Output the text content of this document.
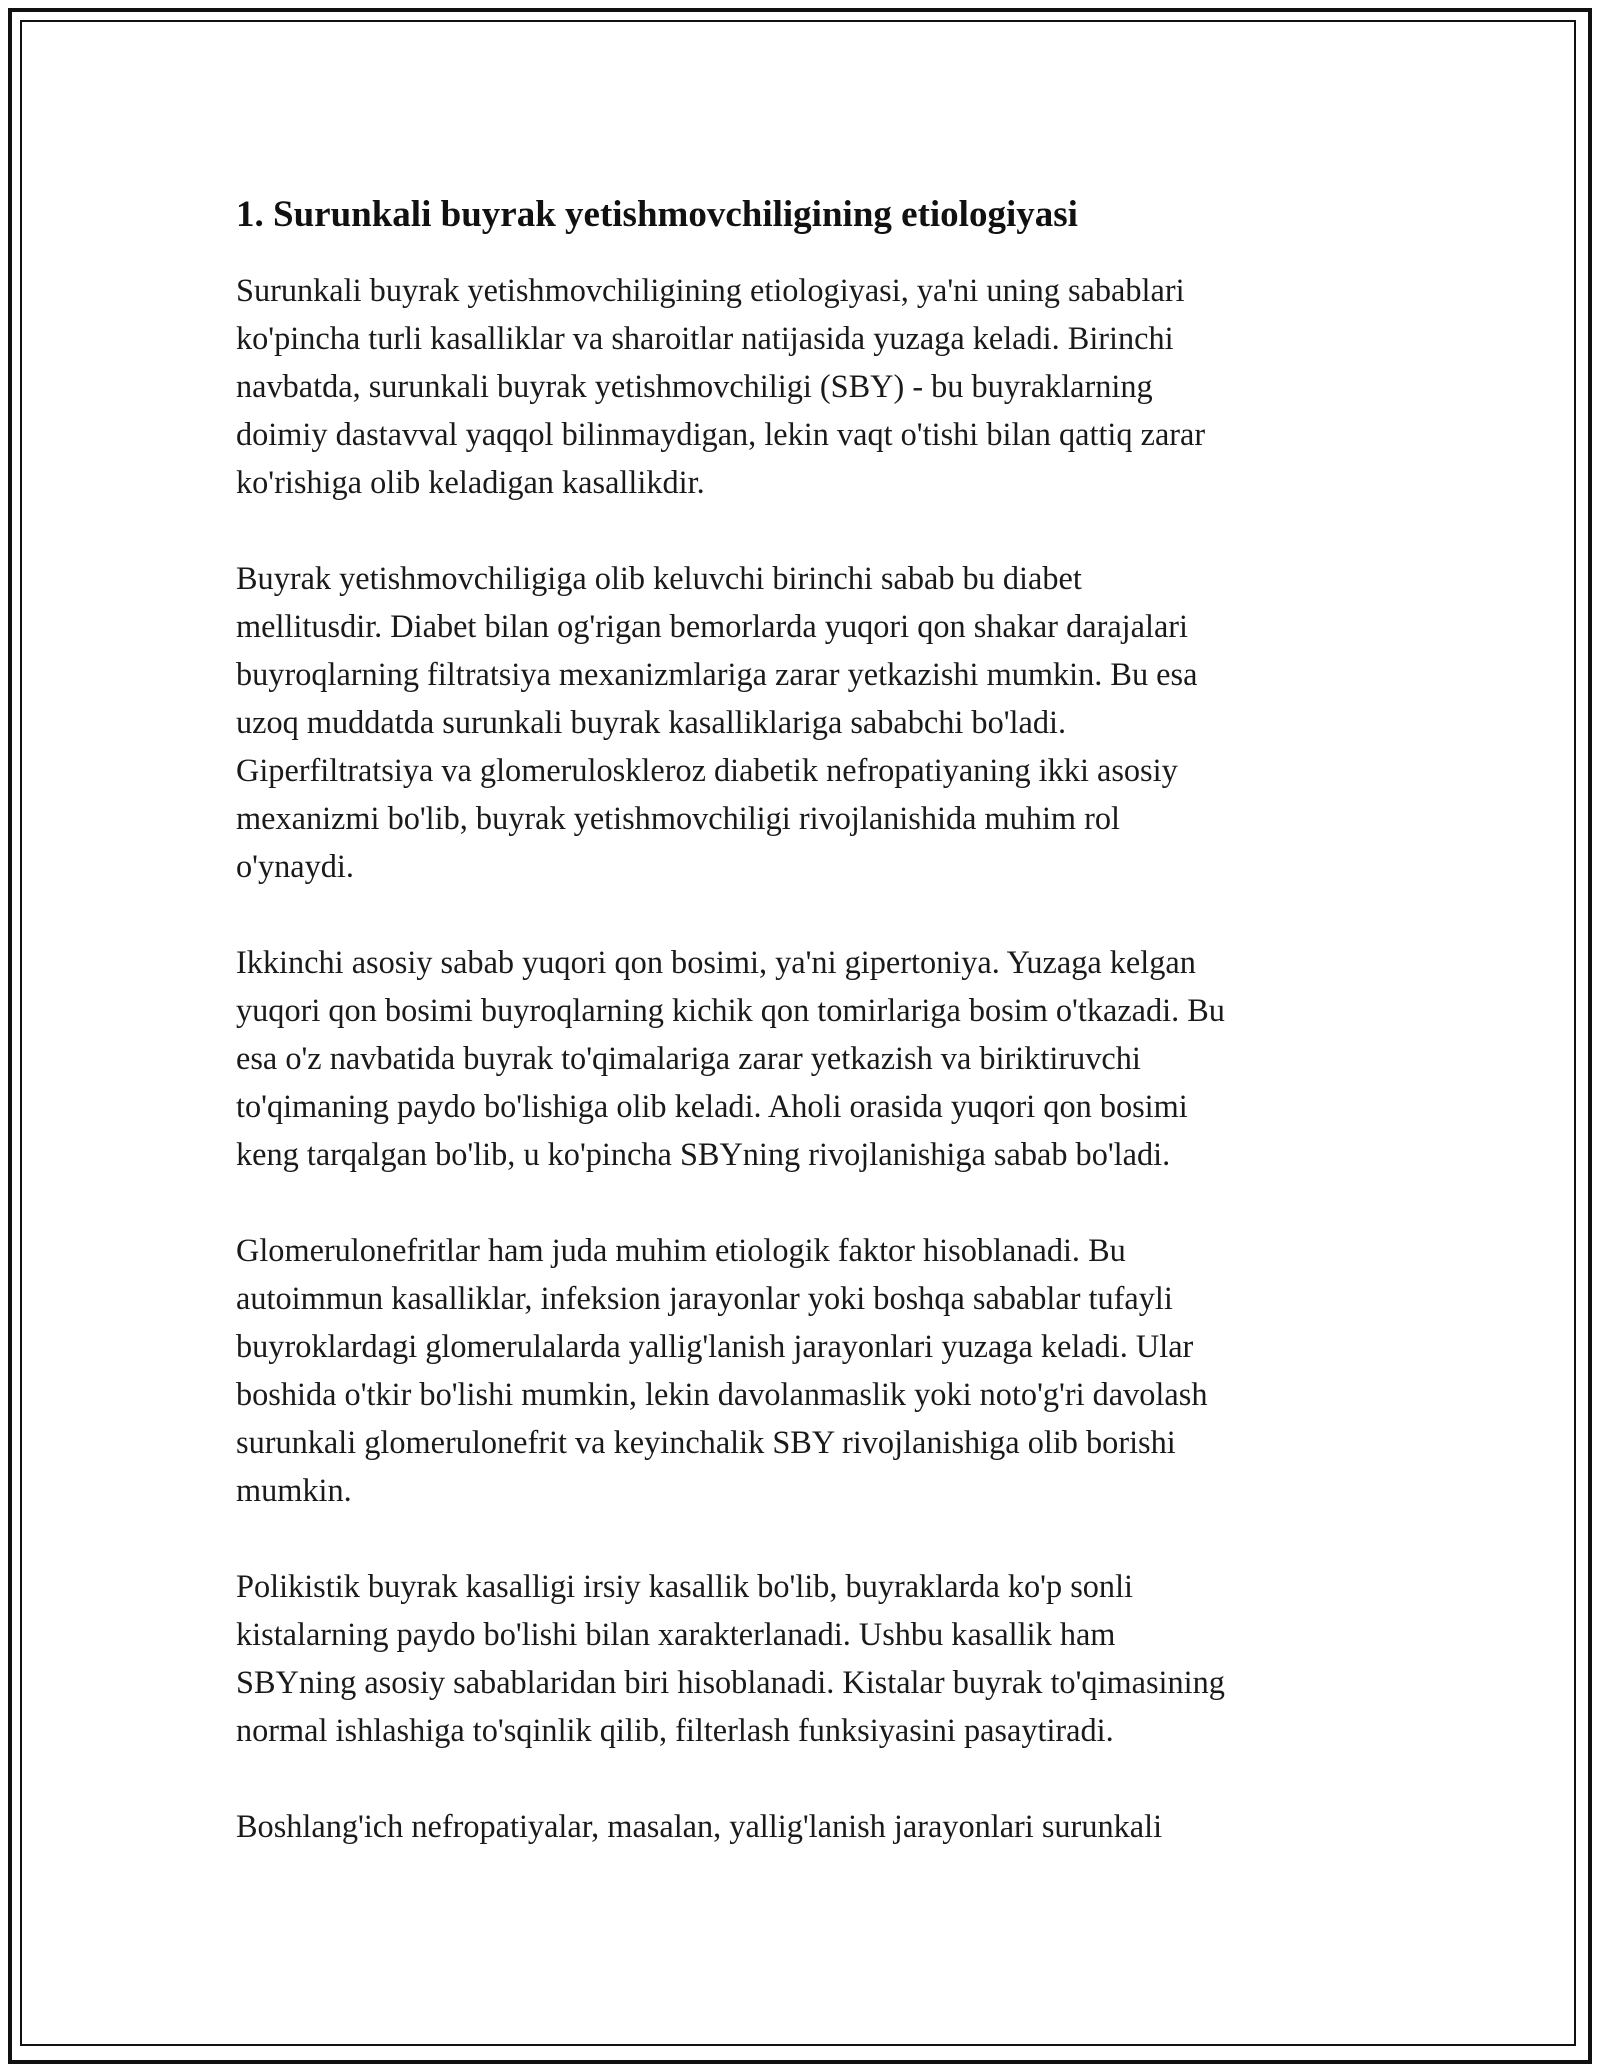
1. Surunkali buyrak yetishmovchiligining etiologiyasi

Surunkali buyrak yetishmovchiligining etiologiyasi, ya'ni uning sabablari
ko'pincha turli kasalliklar va sharoitlar natijasida yuzaga keladi. Birinchi
navbatda, surunkali buyrak yetishmovchiligi (SBY) - bu buyraklarning
doimiy dastavval yaqqol bilinmaydigan, lekin vaqt o'tishi bilan qattiq zarar
ko'rishiga olib keladigan kasallikdir.

Buyrak yetishmovchiligiga olib keluvchi birinchi sabab bu diabet
mellitusdir. Diabet bilan og'rigan bemorlarda yuqori qon shakar darajalari
buyroqlarning filtratsiya mexanizmlariga zarar yetkazishi mumkin. Bu esa
uzoq muddatda surunkali buyrak kasalliklariga sababchi bo'ladi.
Giperfiltratsiya va glomeruloskleroz diabetik nefropatiyaning ikki asosiy
mexanizmi bo'lib, buyrak yetishmovchiligi rivojlanishida muhim rol
o'ynaydi.

Ikkinchi asosiy sabab yuqori qon bosimi, ya'ni gipertoniya. Yuzaga kelgan
yuqori qon bosimi buyroqlarning kichik qon tomirlariga bosim o'tkazadi. Bu
esa o'z navbatida buyrak to'qimalariga zarar yetkazish va biriktiruvchi
to'qimaning paydo bo'lishiga olib keladi. Aholi orasida yuqori qon bosimi
keng tarqalgan bo'lib, u ko'pincha SBYning rivojlanishiga sabab bo'ladi.

Glomerulonefritlar ham juda muhim etiologik faktor hisoblanadi. Bu
autoimmun kasalliklar, infeksion jarayonlar yoki boshqa sabablar tufayli
buyroklardagi glomerulalarda yallig'lanish jarayonlari yuzaga keladi. Ular
boshida o'tkir bo'lishi mumkin, lekin davolanmaslik yoki noto'g'ri davolash
surunkali glomerulonefrit va keyinchalik SBY rivojlanishiga olib borishi
mumkin.

Polikistik buyrak kasalligi irsiy kasallik bo'lib, buyraklarda ko'p sonli
kistalarning paydo bo'lishi bilan xarakterlanadi. Ushbu kasallik ham
SBYning asosiy sabablaridan biri hisoblanadi. Kistalar buyrak to'qimasining
normal ishlashiga to'sqinlik qilib, filterlash funksiyasini pasaytiradi.

Boshlang'ich nefropatiyalar, masalan, yallig'lanish jarayonlari surunkali
